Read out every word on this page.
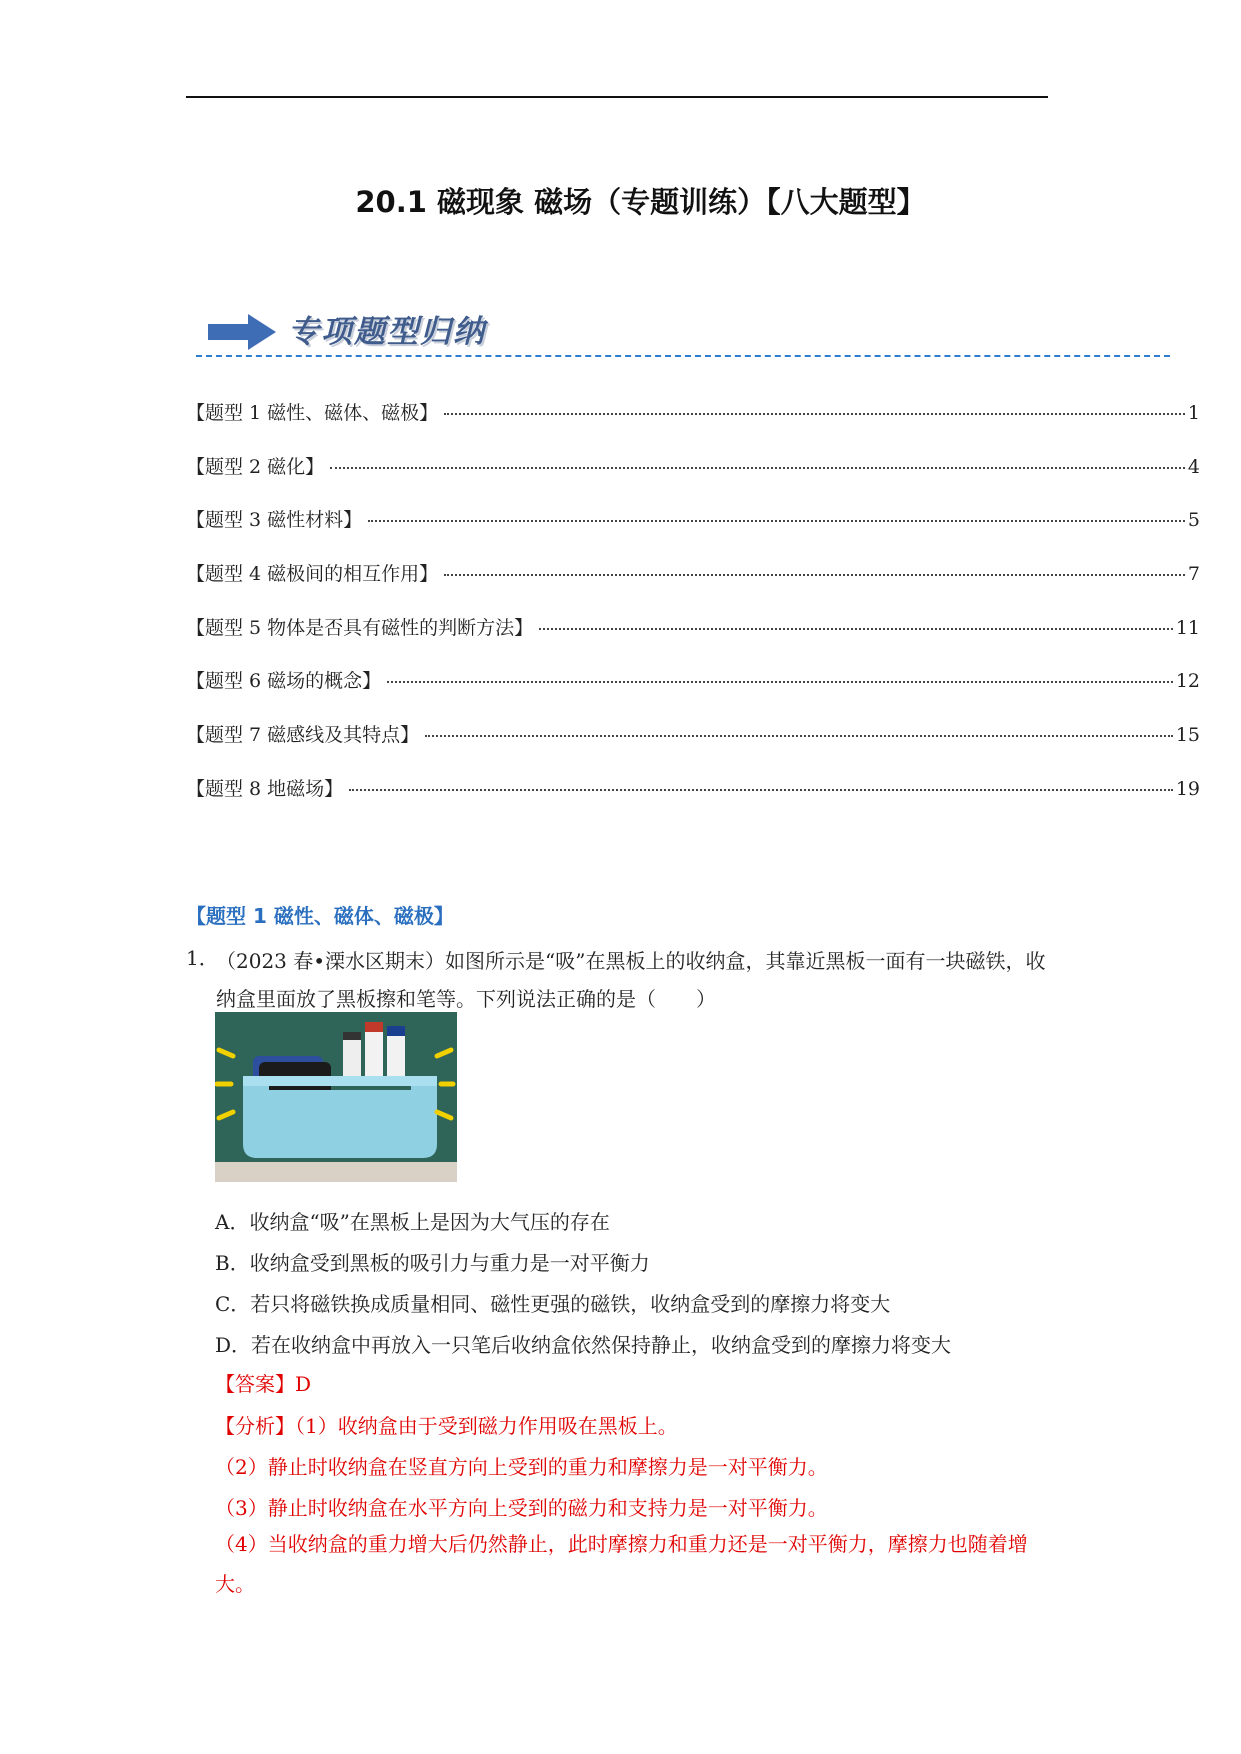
20.1 磁现象 磁场（专题训练）【八大题型】
专项题型归纳
【题型 1 磁性、磁体、磁极】	1
【题型 2 磁化】	4
【题型 3 磁性材料】	5
【题型 4 磁极间的相互作用】	7
【题型 5 物体是否具有磁性的判断方法】	11
【题型 6 磁场的概念】	12
【题型 7 磁感线及其特点】	15
【题型 8 地磁场】	19
【题型 1 磁性、磁体、磁极】
1．
（2023 春•溧水区期末）如图所示是“吸”在黑板上的收纳盒，其靠近黑板一面有一块磁铁，收纳盒里面放了黑板擦和笔等。下列说法正确的是（　　）
A．收纳盒“吸”在黑板上是因为大气压的存在
B．收纳盒受到黑板的吸引力与重力是一对平衡力
C．若只将磁铁换成质量相同、磁性更强的磁铁，收纳盒受到的摩擦力将变大
D．若在收纳盒中再放入一只笔后收纳盒依然保持静止，收纳盒受到的摩擦力将变大
【答案】D
【分析】（1）收纳盒由于受到磁力作用吸在黑板上。
（2）静止时收纳盒在竖直方向上受到的重力和摩擦力是一对平衡力。
（3）静止时收纳盒在水平方向上受到的磁力和支持力是一对平衡力。
（4）当收纳盒的重力增大后仍然静止，此时摩擦力和重力还是一对平衡力，摩擦力也随着增大。
